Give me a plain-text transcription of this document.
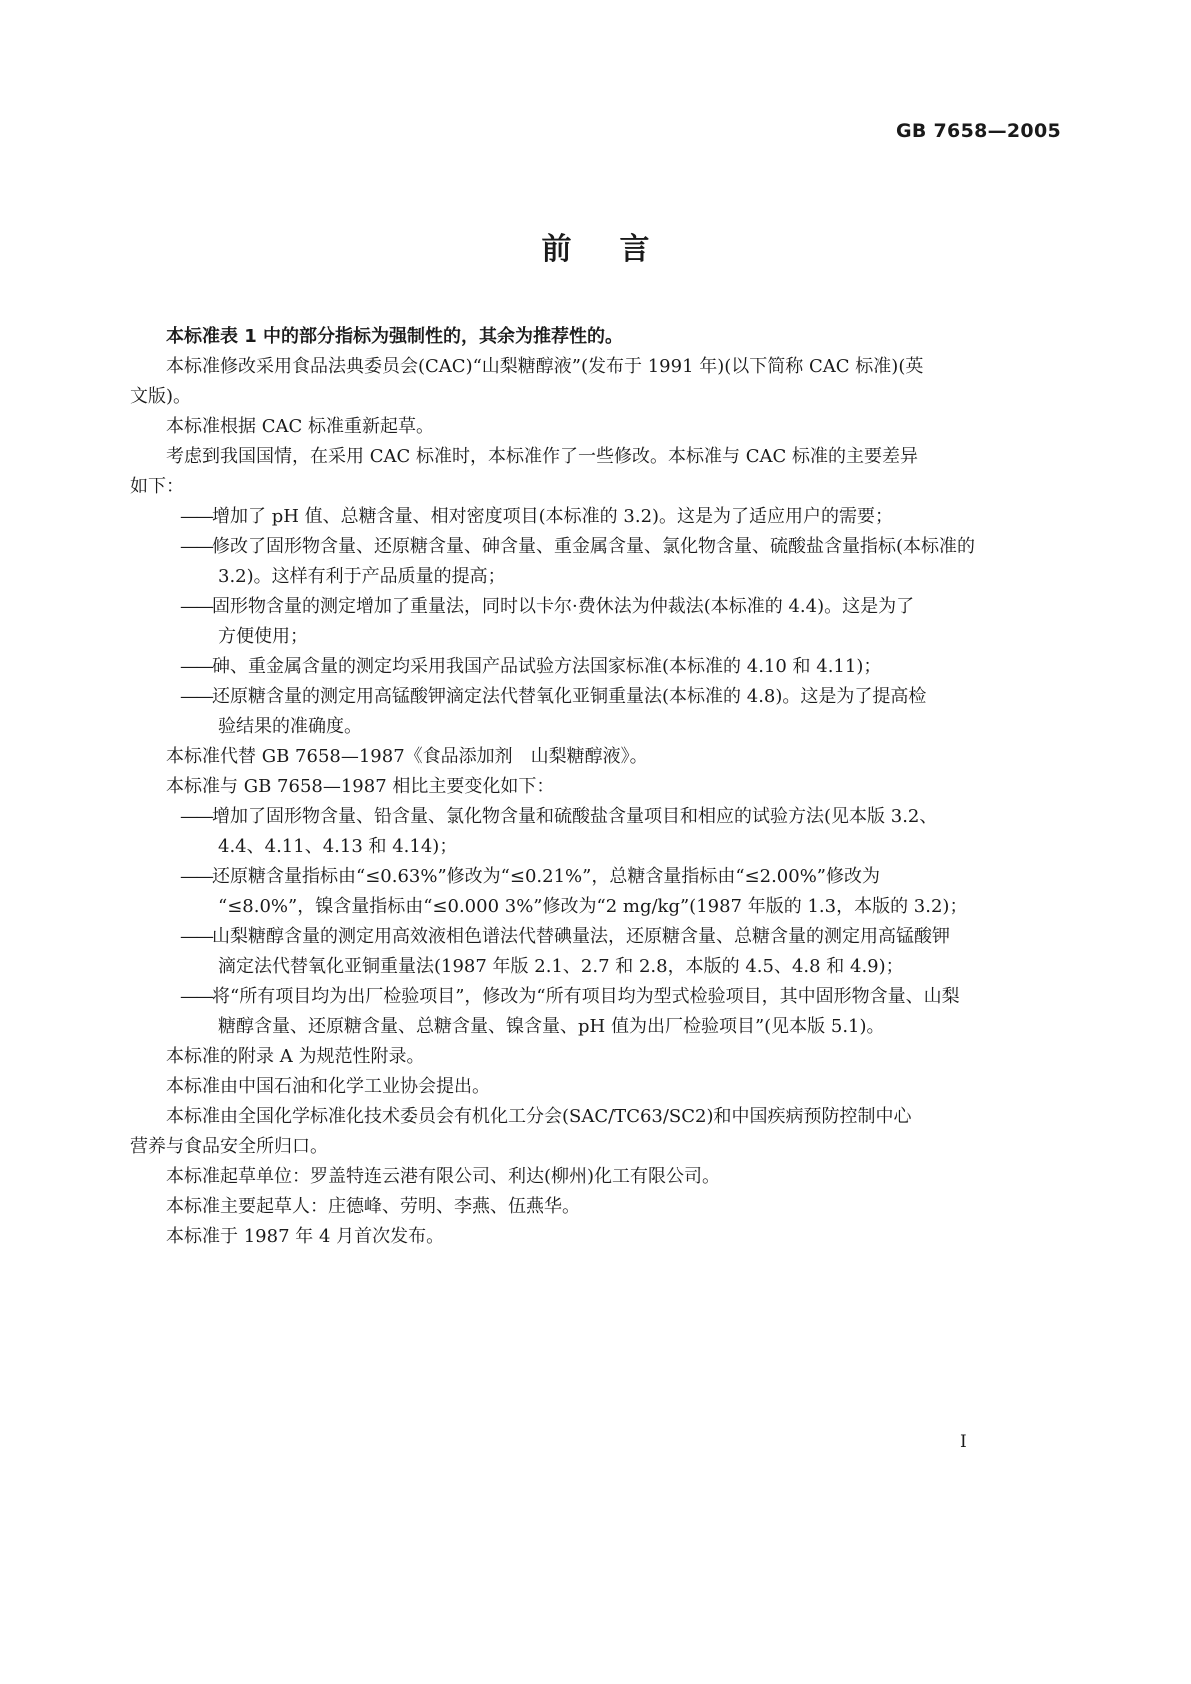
GB 7658—2005
前言
本标准表 1 中的部分指标为强制性的，其余为推荐性的。
本标准修改采用食品法典委员会(CAC)“山梨糖醇液”(发布于 1991 年)(以下简称 CAC 标准)(英
文版)。
本标准根据 CAC 标准重新起草。
考虑到我国国情，在采用 CAC 标准时，本标准作了一些修改。本标准与 CAC 标准的主要差异
如下：
——增加了 pH 值、总糖含量、相对密度项目(本标准的 3.2)。这是为了适应用户的需要；
——修改了固形物含量、还原糖含量、砷含量、重金属含量、氯化物含量、硫酸盐含量指标(本标准的
3.2)。这样有利于产品质量的提高；
——固形物含量的测定增加了重量法，同时以卡尔·费休法为仲裁法(本标准的 4.4)。这是为了
方便使用；
——砷、重金属含量的测定均采用我国产品试验方法国家标准(本标准的 4.10 和 4.11)；
——还原糖含量的测定用高锰酸钾滴定法代替氧化亚铜重量法(本标准的 4.8)。这是为了提高检
验结果的准确度。
本标准代替 GB 7658—1987《食品添加剂　山梨糖醇液》。
本标准与 GB 7658—1987 相比主要变化如下：
——增加了固形物含量、铅含量、氯化物含量和硫酸盐含量项目和相应的试验方法(见本版 3.2、
4.4、4.11、4.13 和 4.14)；
——还原糖含量指标由“≤0.63%”修改为“≤0.21%”，总糖含量指标由“≤2.00%”修改为
“≤8.0%”，镍含量指标由“≤0.000 3%”修改为“2 mg/kg”(1987 年版的 1.3，本版的 3.2)；
——山梨糖醇含量的测定用高效液相色谱法代替碘量法，还原糖含量、总糖含量的测定用高锰酸钾
滴定法代替氧化亚铜重量法(1987 年版 2.1、2.7 和 2.8，本版的 4.5、4.8 和 4.9)；
——将“所有项目均为出厂检验项目”，修改为“所有项目均为型式检验项目，其中固形物含量、山梨
糖醇含量、还原糖含量、总糖含量、镍含量、pH 值为出厂检验项目”(见本版 5.1)。
本标准的附录 A 为规范性附录。
本标准由中国石油和化学工业协会提出。
本标准由全国化学标准化技术委员会有机化工分会(SAC/TC63/SC2)和中国疾病预防控制中心
营养与食品安全所归口。
本标准起草单位：罗盖特连云港有限公司、利达(柳州)化工有限公司。
本标准主要起草人：庄德峰、劳明、李燕、伍燕华。
本标准于 1987 年 4 月首次发布。
I
